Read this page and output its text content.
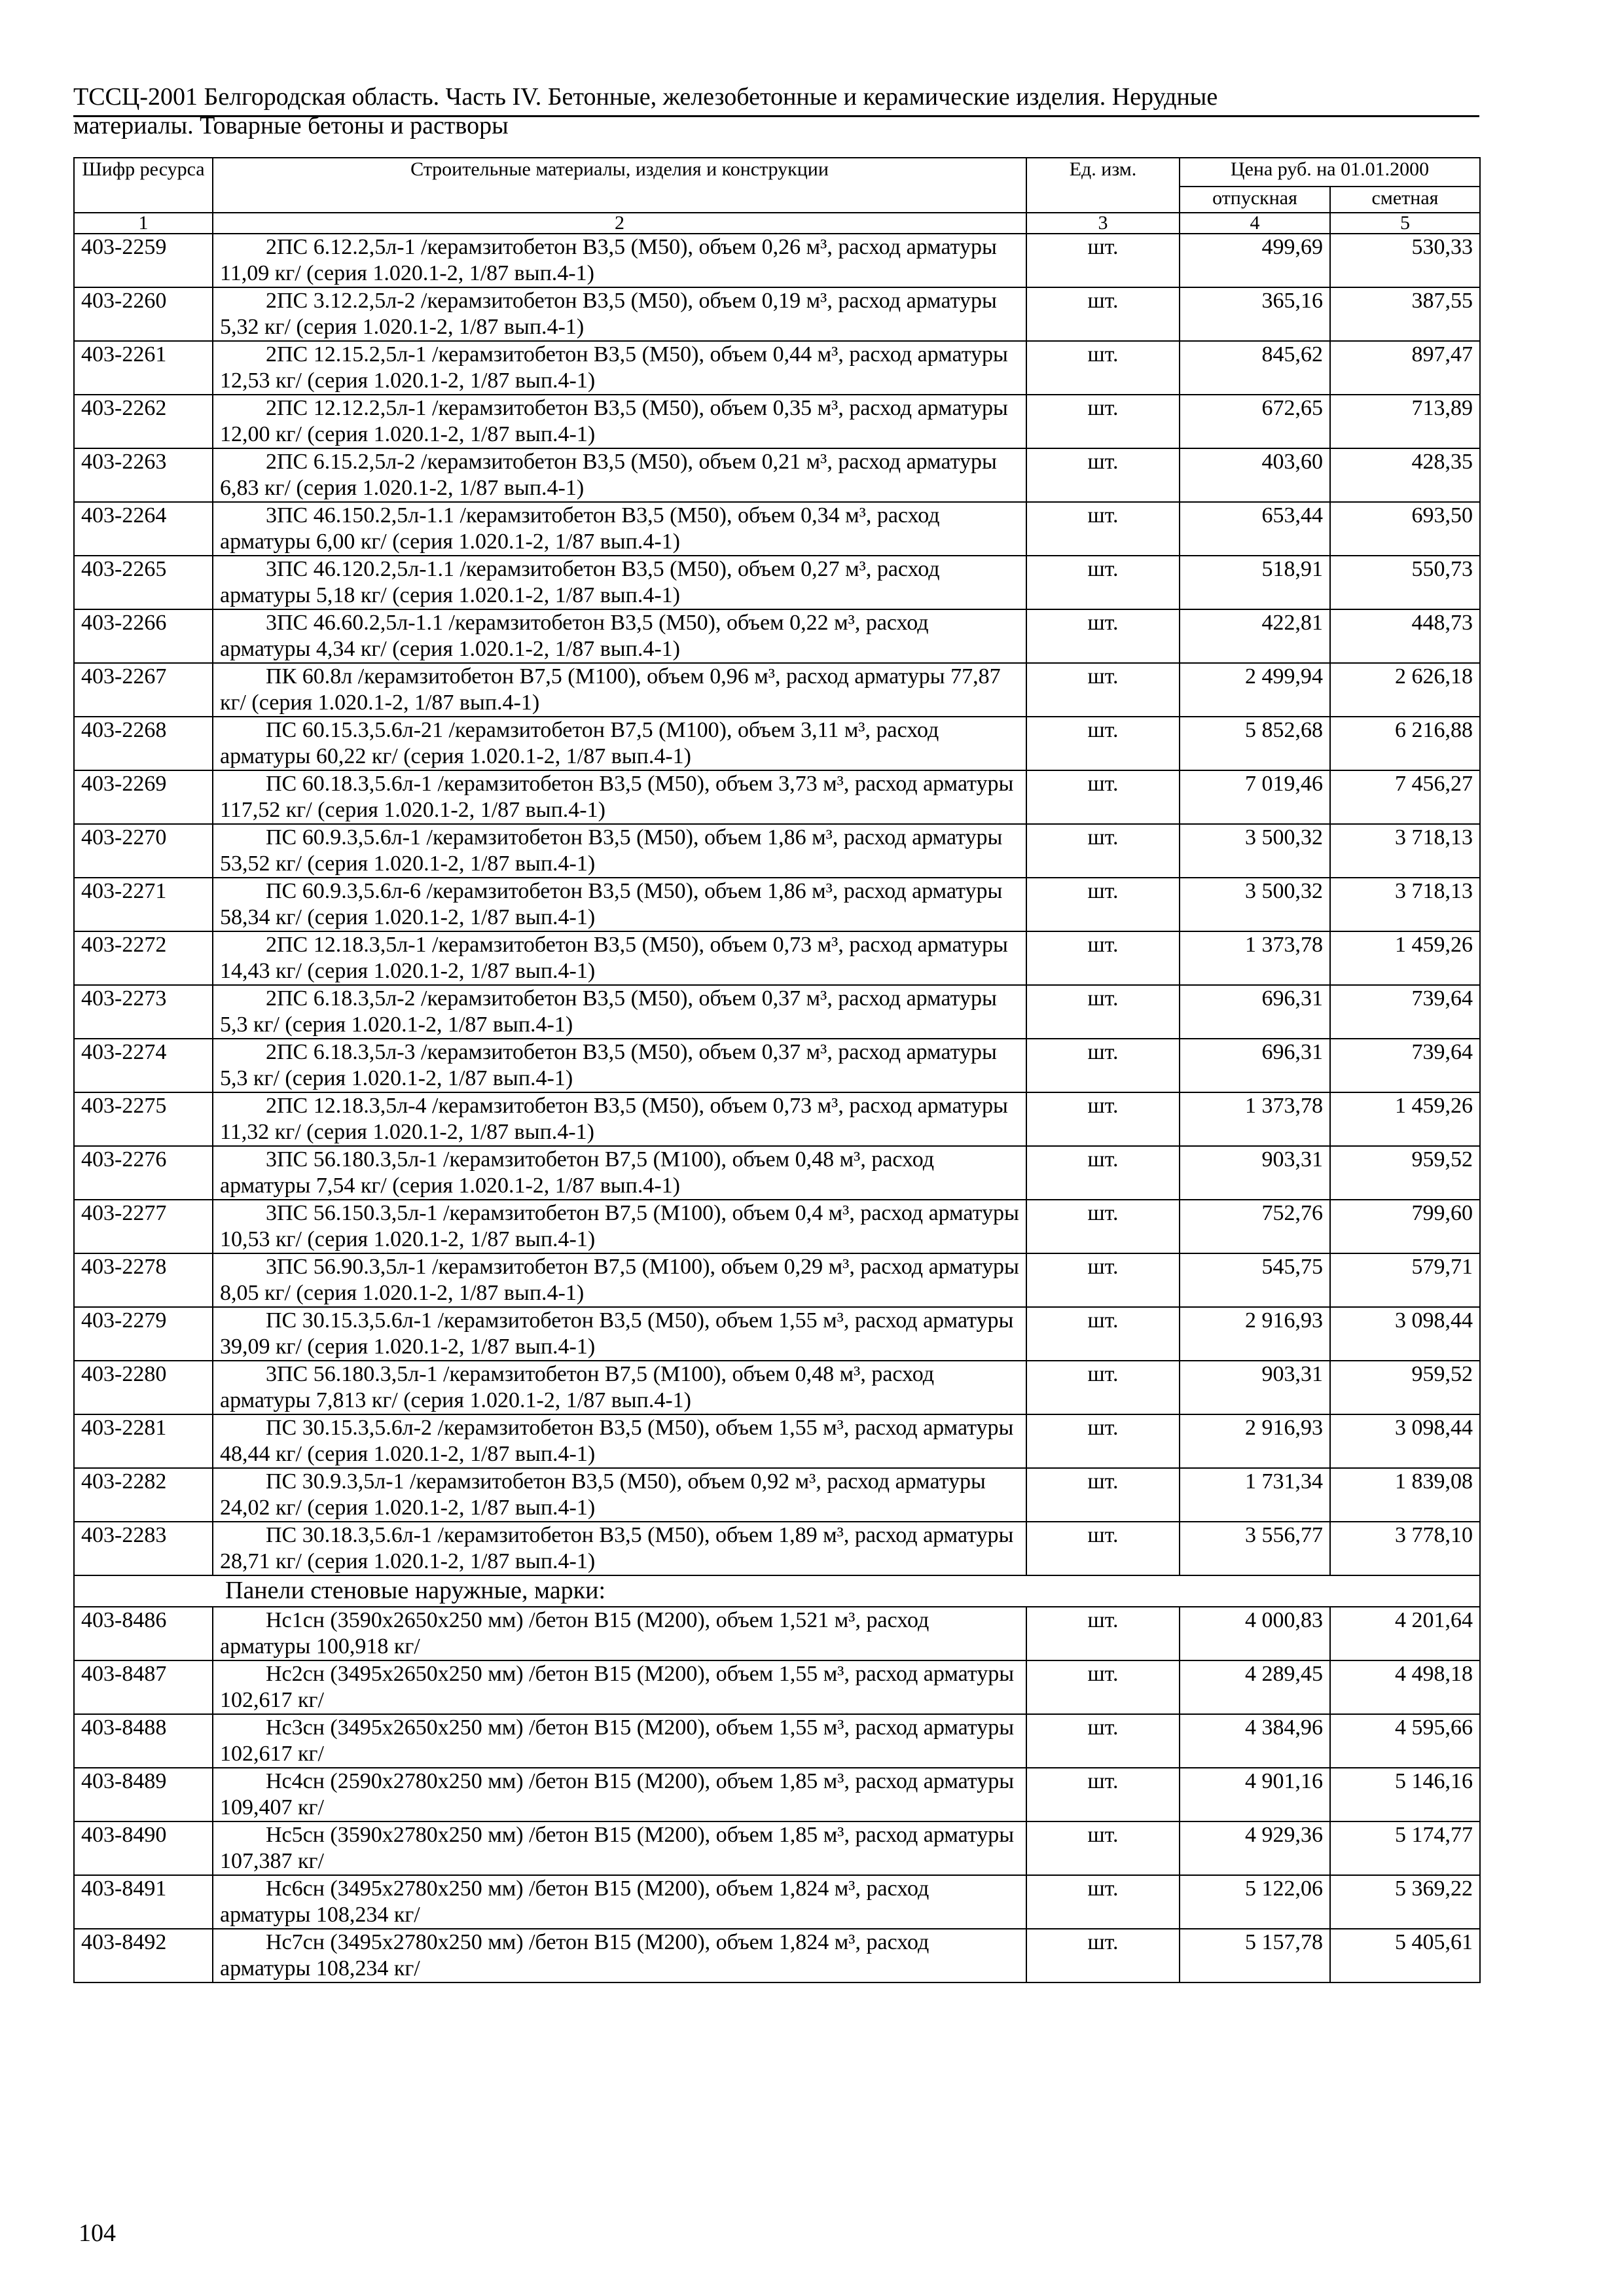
ТССЦ-2001 Белгородская область. Часть IV. Бетонные, железобетонные и керамические изделия. Нерудные
материалы. Товарные бетоны и растворы
Шифр ресурса	Строительные материалы, изделия и конструкции	Ед. изм.	Цена руб. на 01.01.2000	
			отпускная	сметная
1	2	3	4	5
403-2259	2ПС 6.12.2,5л-1 /керамзитобетон В3,5 (М50), объем 0,26 м³, расход арматуры 11,09 кг/ (серия 1.020.1-2, 1/87 вып.4-1)	шт.	499,69	530,33
403-2260	2ПС 3.12.2,5л-2 /керамзитобетон В3,5 (М50), объем 0,19 м³, расход арматуры 5,32 кг/ (серия 1.020.1-2, 1/87 вып.4-1)	шт.	365,16	387,55
403-2261	2ПС 12.15.2,5л-1 /керамзитобетон В3,5 (М50), объем 0,44 м³, расход арматуры 12,53 кг/ (серия 1.020.1-2, 1/87 вып.4-1)	шт.	845,62	897,47
403-2262	2ПС 12.12.2,5л-1 /керамзитобетон В3,5 (М50), объем 0,35 м³, расход арматуры 12,00 кг/ (серия 1.020.1-2, 1/87 вып.4-1)	шт.	672,65	713,89
403-2263	2ПС 6.15.2,5л-2 /керамзитобетон В3,5 (М50), объем 0,21 м³, расход арматуры 6,83 кг/ (серия 1.020.1-2, 1/87 вып.4-1)	шт.	403,60	428,35
403-2264	3ПС 46.150.2,5л-1.1 /керамзитобетон В3,5 (М50), объем 0,34 м³, расход арматуры 6,00 кг/ (серия 1.020.1-2, 1/87 вып.4-1)	шт.	653,44	693,50
403-2265	3ПС 46.120.2,5л-1.1 /керамзитобетон В3,5 (М50), объем 0,27 м³, расход арматуры 5,18 кг/ (серия 1.020.1-2, 1/87 вып.4-1)	шт.	518,91	550,73
403-2266	3ПС 46.60.2,5л-1.1 /керамзитобетон В3,5 (М50), объем 0,22 м³, расход арматуры 4,34 кг/ (серия 1.020.1-2, 1/87 вып.4-1)	шт.	422,81	448,73
403-2267	ПК 60.8л /керамзитобетон В7,5 (М100), объем 0,96 м³, расход арматуры 77,87 кг/ (серия 1.020.1-2, 1/87 вып.4-1)	шт.	2 499,94	2 626,18
403-2268	ПС 60.15.3,5.6л-21 /керамзитобетон В7,5 (М100), объем 3,11 м³, расход арматуры 60,22 кг/ (серия 1.020.1-2, 1/87 вып.4-1)	шт.	5 852,68	6 216,88
403-2269	ПС 60.18.3,5.6л-1 /керамзитобетон В3,5 (М50), объем 3,73 м³, расход арматуры 117,52 кг/ (серия 1.020.1-2, 1/87 вып.4-1)	шт.	7 019,46	7 456,27
403-2270	ПС 60.9.3,5.6л-1 /керамзитобетон В3,5 (М50), объем 1,86 м³, расход арматуры 53,52 кг/ (серия 1.020.1-2, 1/87 вып.4-1)	шт.	3 500,32	3 718,13
403-2271	ПС 60.9.3,5.6л-6 /керамзитобетон В3,5 (М50), объем 1,86 м³, расход арматуры 58,34 кг/ (серия 1.020.1-2, 1/87 вып.4-1)	шт.	3 500,32	3 718,13
403-2272	2ПС 12.18.3,5л-1 /керамзитобетон В3,5 (М50), объем 0,73 м³, расход арматуры 14,43 кг/ (серия 1.020.1-2, 1/87 вып.4-1)	шт.	1 373,78	1 459,26
403-2273	2ПС 6.18.3,5л-2 /керамзитобетон В3,5 (М50), объем 0,37 м³, расход арматуры 5,3 кг/ (серия 1.020.1-2, 1/87 вып.4-1)	шт.	696,31	739,64
403-2274	2ПС 6.18.3,5л-3 /керамзитобетон В3,5 (М50), объем 0,37 м³, расход арматуры 5,3 кг/ (серия 1.020.1-2, 1/87 вып.4-1)	шт.	696,31	739,64
403-2275	2ПС 12.18.3,5л-4 /керамзитобетон В3,5 (М50), объем 0,73 м³, расход арматуры 11,32 кг/ (серия 1.020.1-2, 1/87 вып.4-1)	шт.	1 373,78	1 459,26
403-2276	3ПС 56.180.3,5л-1 /керамзитобетон В7,5 (М100), объем 0,48 м³, расход арматуры 7,54 кг/ (серия 1.020.1-2, 1/87 вып.4-1)	шт.	903,31	959,52
403-2277	3ПС 56.150.3,5л-1 /керамзитобетон В7,5 (М100), объем 0,4 м³, расход арматуры 10,53 кг/ (серия 1.020.1-2, 1/87 вып.4-1)	шт.	752,76	799,60
403-2278	3ПС 56.90.3,5л-1 /керамзитобетон В7,5 (М100), объем 0,29 м³, расход арматуры 8,05 кг/ (серия 1.020.1-2, 1/87 вып.4-1)	шт.	545,75	579,71
403-2279	ПС 30.15.3,5.6л-1 /керамзитобетон В3,5 (М50), объем 1,55 м³, расход арматуры 39,09 кг/ (серия 1.020.1-2, 1/87 вып.4-1)	шт.	2 916,93	3 098,44
403-2280	3ПС 56.180.3,5л-1 /керамзитобетон В7,5 (М100), объем 0,48 м³, расход арматуры 7,813 кг/ (серия 1.020.1-2, 1/87 вып.4-1)	шт.	903,31	959,52
403-2281	ПС 30.15.3,5.6л-2 /керамзитобетон В3,5 (М50), объем 1,55 м³, расход арматуры 48,44 кг/ (серия 1.020.1-2, 1/87 вып.4-1)	шт.	2 916,93	3 098,44
403-2282	ПС 30.9.3,5л-1 /керамзитобетон В3,5 (М50), объем 0,92 м³, расход арматуры 24,02 кг/ (серия 1.020.1-2, 1/87 вып.4-1)	шт.	1 731,34	1 839,08
403-2283	ПС 30.18.3,5.6л-1 /керамзитобетон В3,5 (М50), объем 1,89 м³, расход арматуры 28,71 кг/ (серия 1.020.1-2, 1/87 вып.4-1)	шт.	3 556,77	3 778,10
Панели стеновые наружные, марки:				
403-8486	Нс1сн (3590х2650х250 мм) /бетон В15 (М200), объем 1,521 м³, расход арматуры 100,918 кг/	шт.	4 000,83	4 201,64
403-8487	Нс2сн (3495х2650х250 мм) /бетон В15 (М200), объем 1,55 м³, расход арматуры 102,617 кг/	шт.	4 289,45	4 498,18
403-8488	Нс3сн (3495х2650х250 мм) /бетон В15 (М200), объем 1,55 м³, расход арматуры 102,617 кг/	шт.	4 384,96	4 595,66
403-8489	Нс4сн (2590х2780х250 мм) /бетон В15 (М200), объем 1,85 м³, расход арматуры 109,407 кг/	шт.	4 901,16	5 146,16
403-8490	Нс5сн (3590х2780х250 мм) /бетон В15 (М200), объем 1,85 м³, расход арматуры 107,387 кг/	шт.	4 929,36	5 174,77
403-8491	Нс6сн (3495х2780х250 мм) /бетон В15 (М200), объем 1,824 м³, расход арматуры 108,234 кг/	шт.	5 122,06	5 369,22
403-8492	Нс7сн (3495х2780х250 мм) /бетон В15 (М200), объем 1,824 м³, расход арматуры 108,234 кг/	шт.	5 157,78	5 405,61
104
